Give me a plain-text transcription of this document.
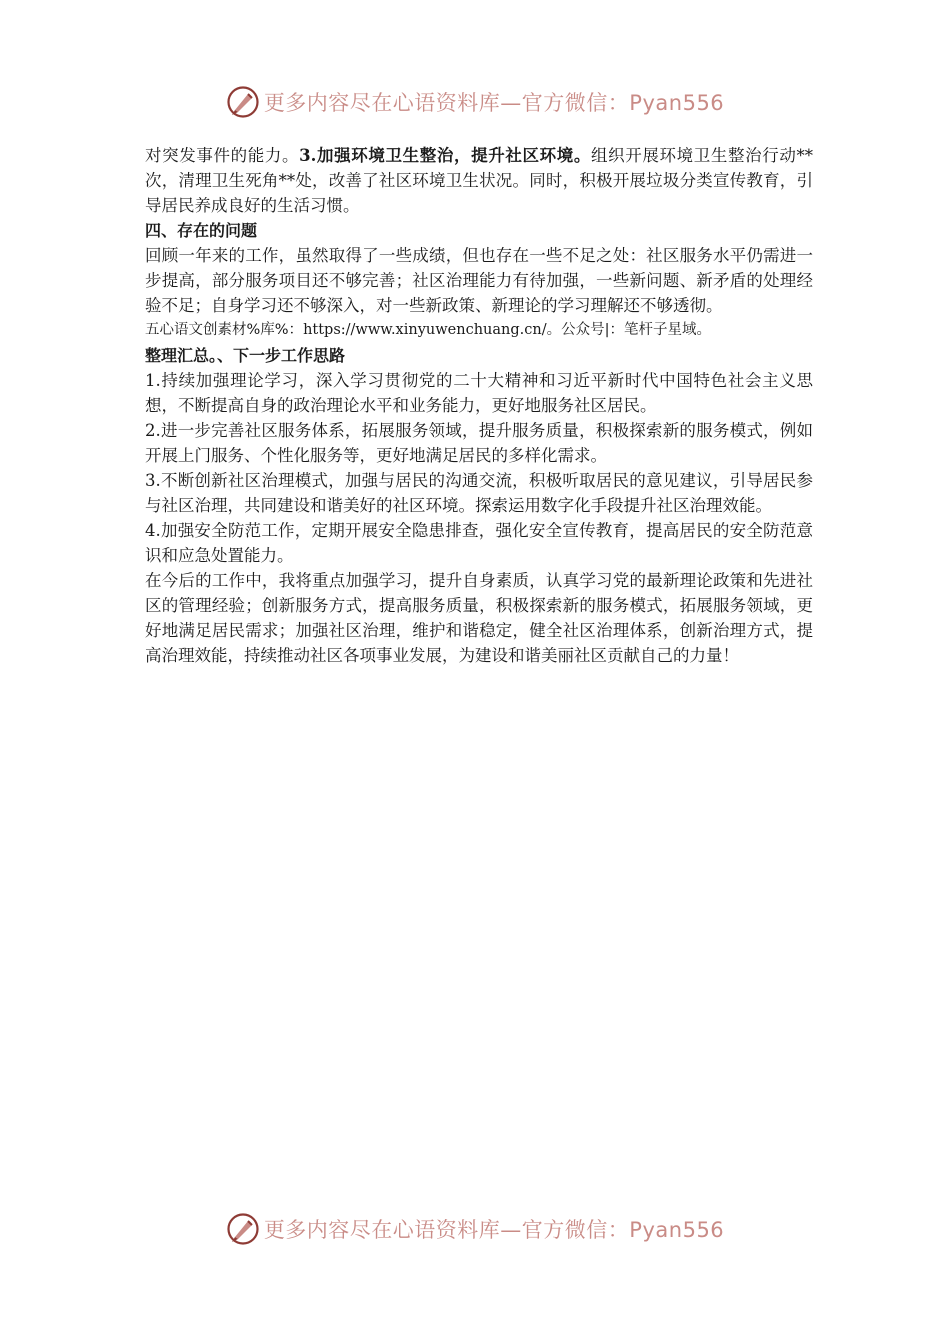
更多内容尽在心语资料库—官方微信：Pyan556

对突发事件的能力。3.加强环境卫生整治，提升社区环境。组织开展环境卫生整治行动**次，清理卫生死角**处，改善了社区环境卫生状况。同时，积极开展垃圾分类宣传教育，引导居民养成良好的生活习惯。

四、存在的问题

回顾一年来的工作，虽然取得了一些成绩，但也存在一些不足之处：社区服务水平仍需进一步提高，部分服务项目还不够完善；社区治理能力有待加强，一些新问题、新矛盾的处理经验不足；自身学习还不够深入，对一些新政策、新理论的学习理解还不够透彻。

五心语文创素材%库%：https://www.xinyuwenchuang.cn/。公众号|：笔杆子星域。

整理汇总。、下一步工作思路

1.持续加强理论学习，深入学习贯彻党的二十大精神和习近平新时代中国特色社会主义思想，不断提高自身的政治理论水平和业务能力，更好地服务社区居民。

2.进一步完善社区服务体系，拓展服务领域，提升服务质量，积极探索新的服务模式，例如开展上门服务、个性化服务等，更好地满足居民的多样化需求。

3.不断创新社区治理模式，加强与居民的沟通交流，积极听取居民的意见建议，引导居民参与社区治理，共同建设和谐美好的社区环境。探索运用数字化手段提升社区治理效能。

4.加强安全防范工作，定期开展安全隐患排查，强化安全宣传教育，提高居民的安全防范意识和应急处置能力。

在今后的工作中，我将重点加强学习，提升自身素质，认真学习党的最新理论政策和先进社区的管理经验；创新服务方式，提高服务质量，积极探索新的服务模式，拓展服务领域，更好地满足居民需求；加强社区治理，维护和谐稳定，健全社区治理体系，创新治理方式，提高治理效能，持续推动社区各项事业发展，为建设和谐美丽社区贡献自己的力量！

更多内容尽在心语资料库—官方微信：Pyan556
